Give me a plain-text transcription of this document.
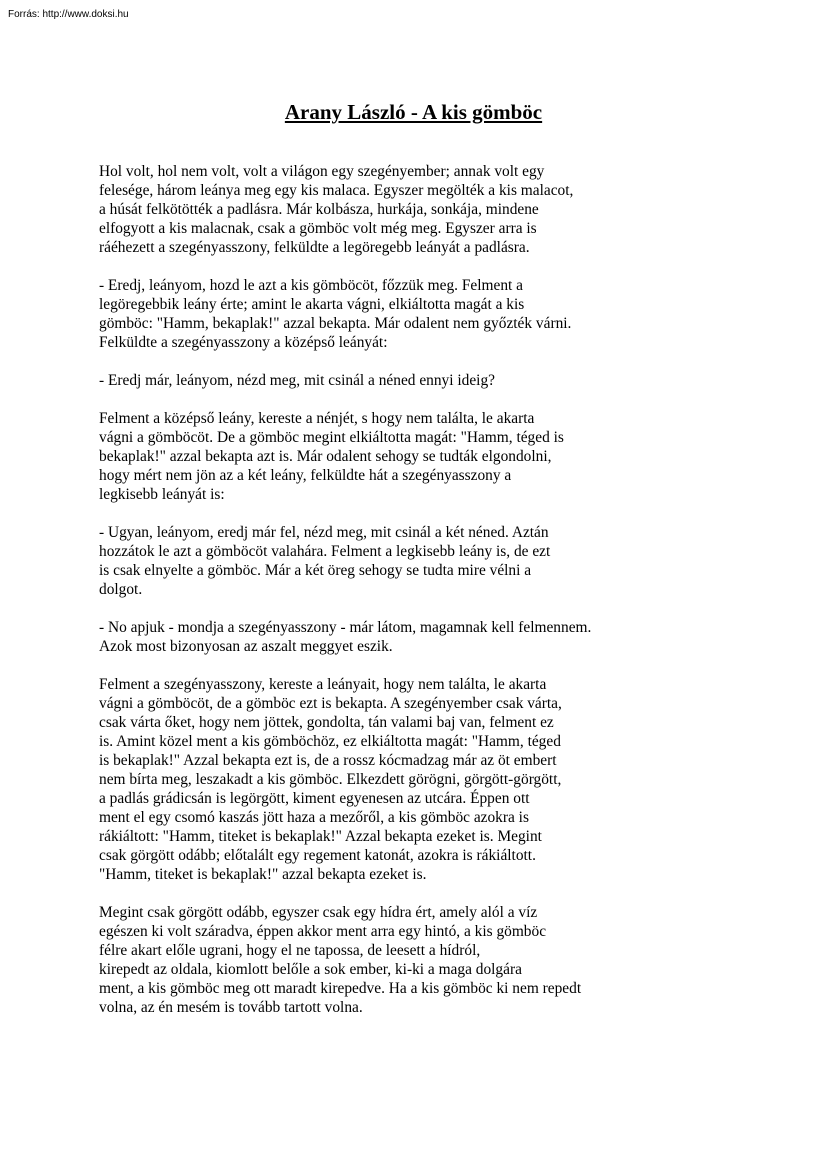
Forrás: http://www.doksi.hu
Arany László - A kis gömböc

Hol volt, hol nem volt, volt a világon egy szegényember; annak volt egy
felesége, három leánya meg egy kis malaca. Egyszer megölték a kis malacot,
a húsát felkötötték a padlásra. Már kolbásza, hurkája, sonkája, mindene
elfogyott a kis malacnak, csak a gömböc volt még meg. Egyszer arra is
ráéhezett a szegényasszony, felküldte a legöregebb leányát a padlásra.

- Eredj, leányom, hozd le azt a kis gömböcöt, főzzük meg. Felment a
legöregebbik leány érte; amint le akarta vágni, elkiáltotta magát a kis
gömböc: "Hamm, bekaplak!" azzal bekapta. Már odalent nem győzték várni.
Felküldte a szegényasszony a középső leányát:

- Eredj már, leányom, nézd meg, mit csinál a néned ennyi ideig?

Felment a középső leány, kereste a nénjét, s hogy nem találta, le akarta
vágni a gömböcöt. De a gömböc megint elkiáltotta magát: "Hamm, téged is
bekaplak!" azzal bekapta azt is. Már odalent sehogy se tudták elgondolni,
hogy mért nem jön az a két leány, felküldte hát a szegényasszony a
legkisebb leányát is:

- Ugyan, leányom, eredj már fel, nézd meg, mit csinál a két néned. Aztán
hozzátok le azt a gömböcöt valahára. Felment a legkisebb leány is, de ezt
is csak elnyelte a gömböc. Már a két öreg sehogy se tudta mire vélni a
dolgot.

- No apjuk - mondja a szegényasszony - már látom, magamnak kell felmennem.
Azok most bizonyosan az aszalt meggyet eszik.

Felment a szegényasszony, kereste a leányait, hogy nem találta, le akarta
vágni a gömböcöt, de a gömböc ezt is bekapta. A szegényember csak várta,
csak várta őket, hogy nem jöttek, gondolta, tán valami baj van, felment ez
is. Amint közel ment a kis gömböchöz, ez elkiáltotta magát: "Hamm, téged
is bekaplak!" Azzal bekapta ezt is, de a rossz kócmadzag már az öt embert
nem bírta meg, leszakadt a kis gömböc. Elkezdett görögni, görgött-görgött,
a padlás grádicsán is legörgött, kiment egyenesen az utcára. Éppen ott
ment el egy csomó kaszás jött haza a mezőről, a kis gömböc azokra is
rákiáltott: "Hamm, titeket is bekaplak!" Azzal bekapta ezeket is. Megint
csak görgött odább; előtalált egy regement katonát, azokra is rákiáltott.
"Hamm, titeket is bekaplak!" azzal bekapta ezeket is.

Megint csak görgött odább, egyszer csak egy hídra ért, amely alól a víz
egészen ki volt száradva, éppen akkor ment arra egy hintó, a kis gömböc
félre akart előle ugrani, hogy el ne tapossa, de leesett a hídról,
kirepedt az oldala, kiomlott belőle a sok ember, ki-ki a maga dolgára
ment, a kis gömböc meg ott maradt kirepedve. Ha a kis gömböc ki nem repedt
volna, az én mesém is tovább tartott volna.
